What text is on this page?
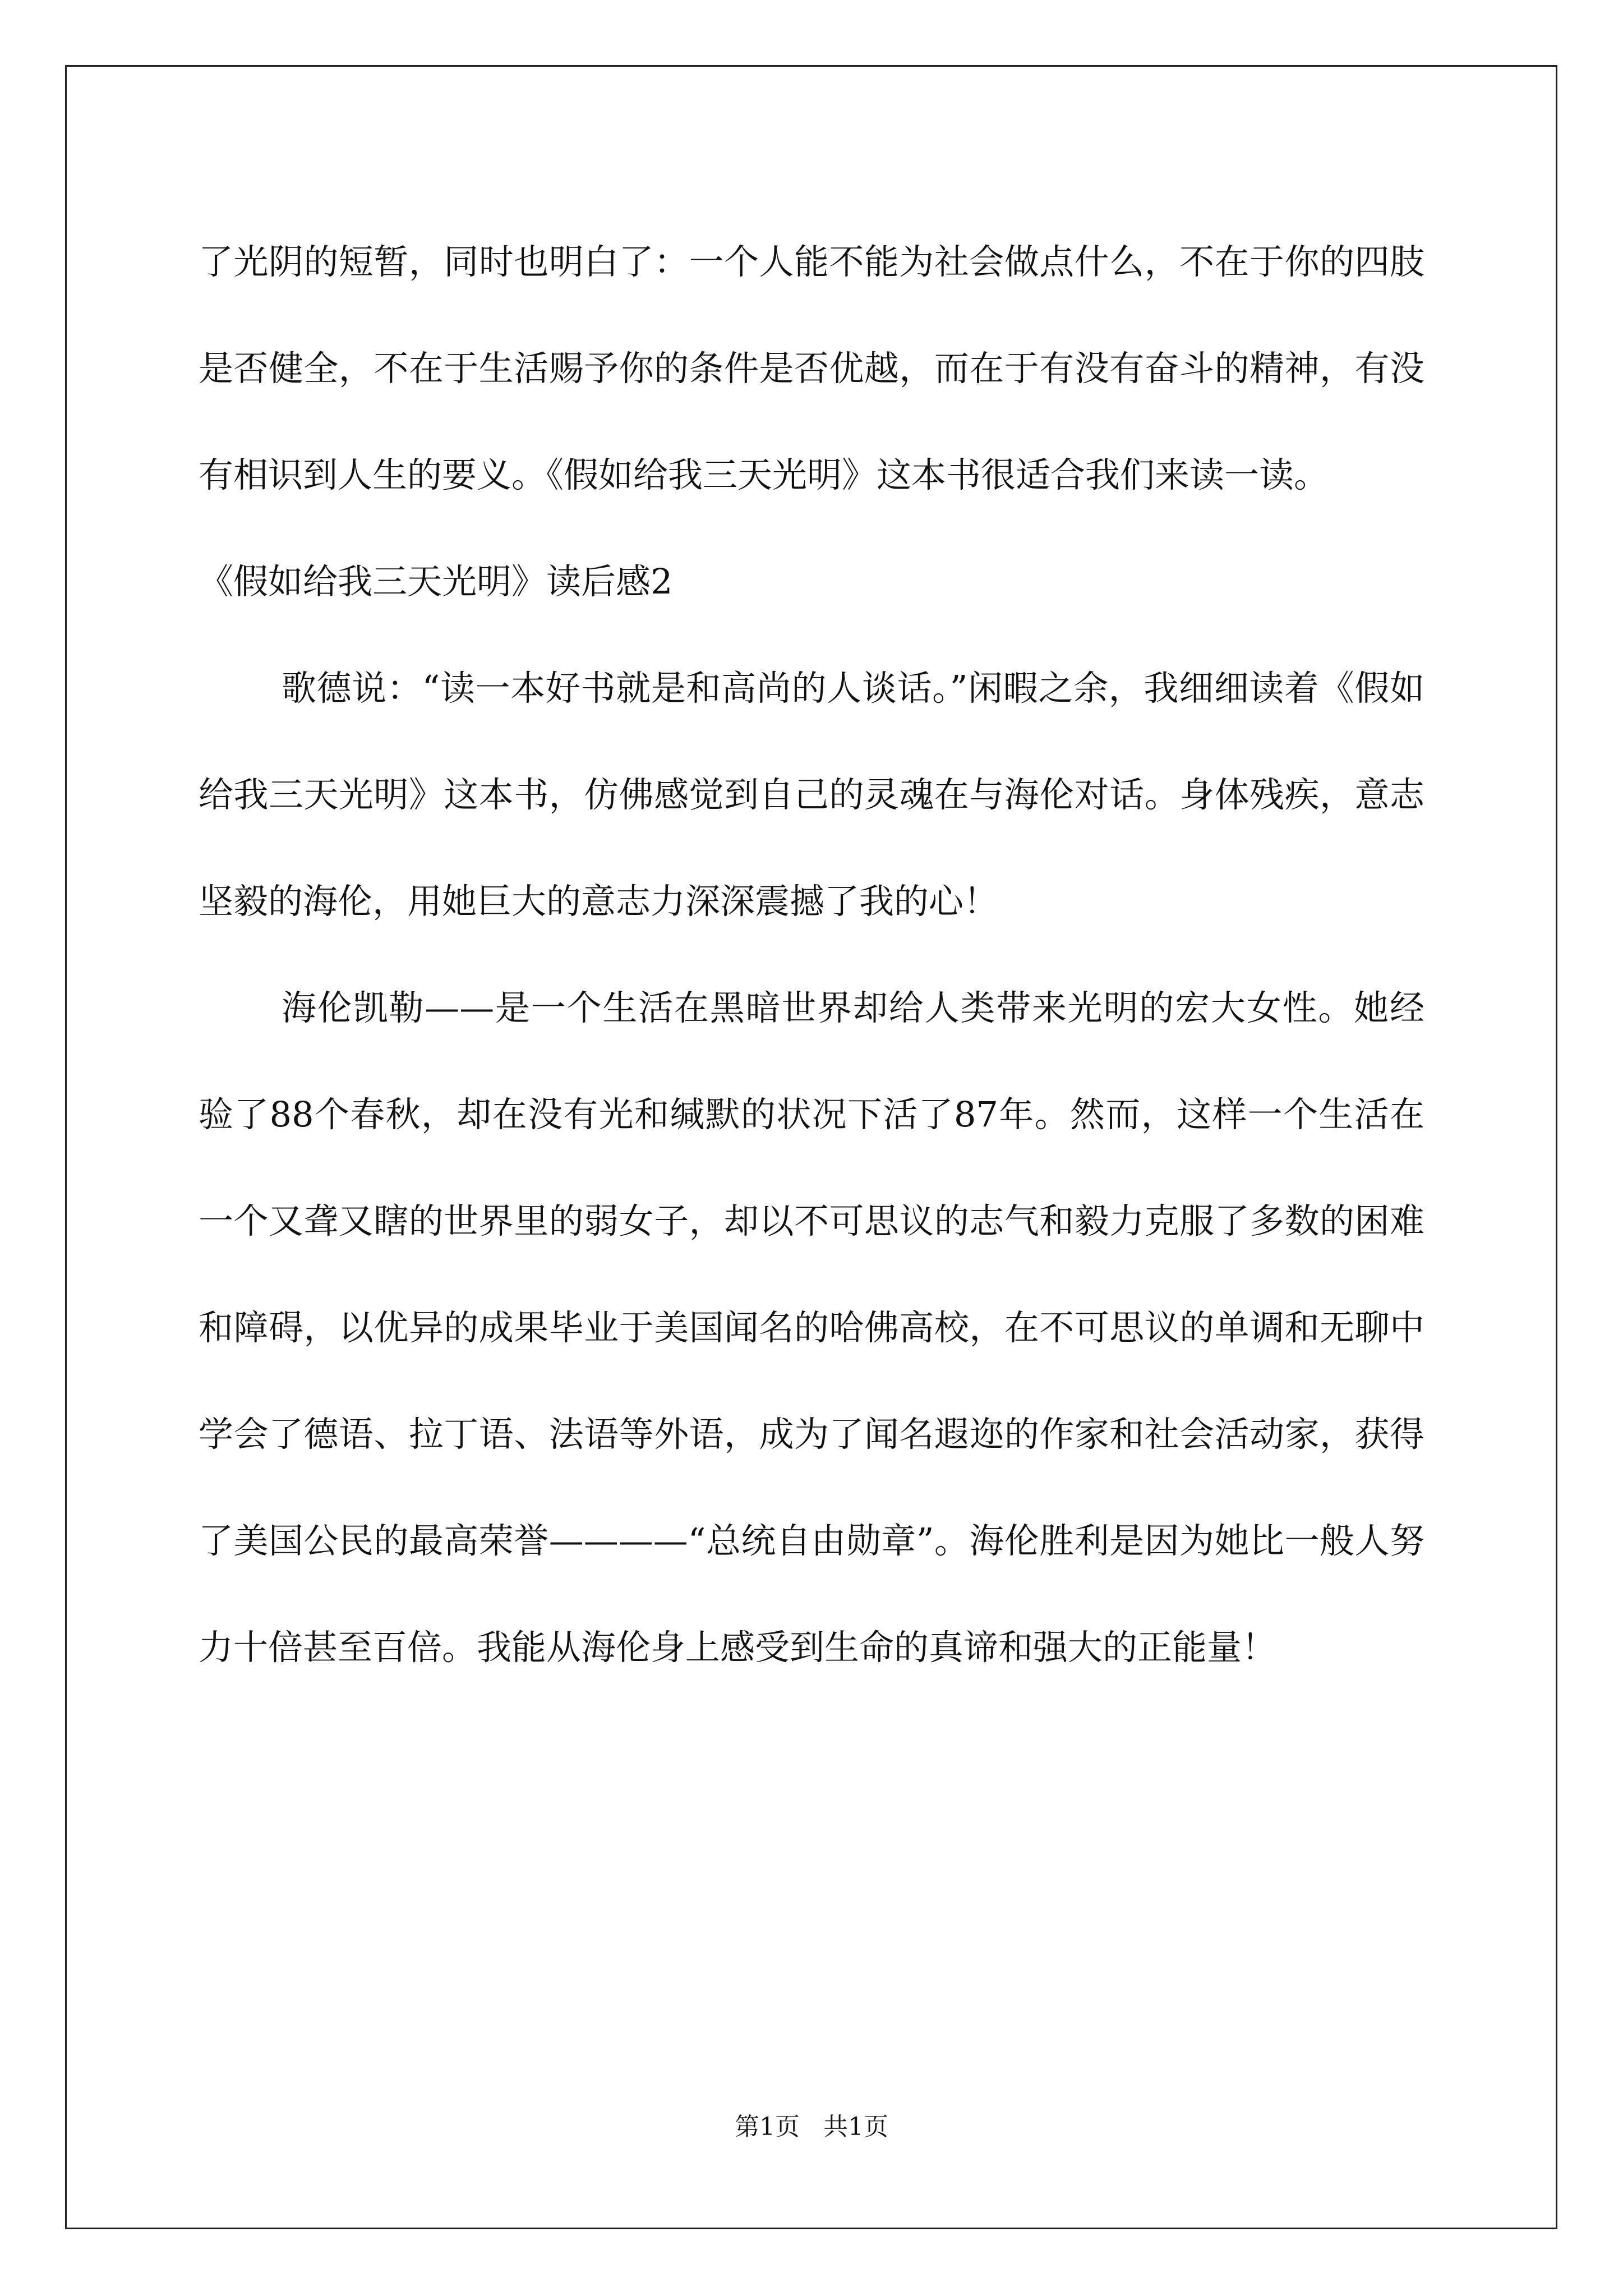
了光阴的短暂，同时也明白了：一个人能不能为社会做点什么，不在于你的四肢是否健全，不在于生活赐予你的条件是否优越，而在于有没有奋斗的精神，有没有相识到人生的要义。《假如给我三天光明》这本书很适合我们来读一读。

《假如给我三天光明》读后感2

歌德说：“读一本好书就是和高尚的人谈话。”闲暇之余，我细细读着《假如给我三天光明》这本书，仿佛感觉到自己的灵魂在与海伦对话。身体残疾，意志坚毅的海伦，用她巨大的意志力深深震撼了我的心！

海伦凯勒——是一个生活在黑暗世界却给人类带来光明的宏大女性。她经验了88个春秋，却在没有光和缄默的状况下活了87年。然而，这样一个生活在一个又聋又瞎的世界里的弱女子，却以不可思议的志气和毅力克服了多数的困难和障碍，以优异的成果毕业于美国闻名的哈佛高校，在不可思议的单调和无聊中学会了德语、拉丁语、法语等外语，成为了闻名遐迩的作家和社会活动家，获得了美国公民的最高荣誉————“总统自由勋章”。海伦胜利是因为她比一般人努力十倍甚至百倍。我能从海伦身上感受到生命的真谛和强大的正能量！

第1页 共1页
